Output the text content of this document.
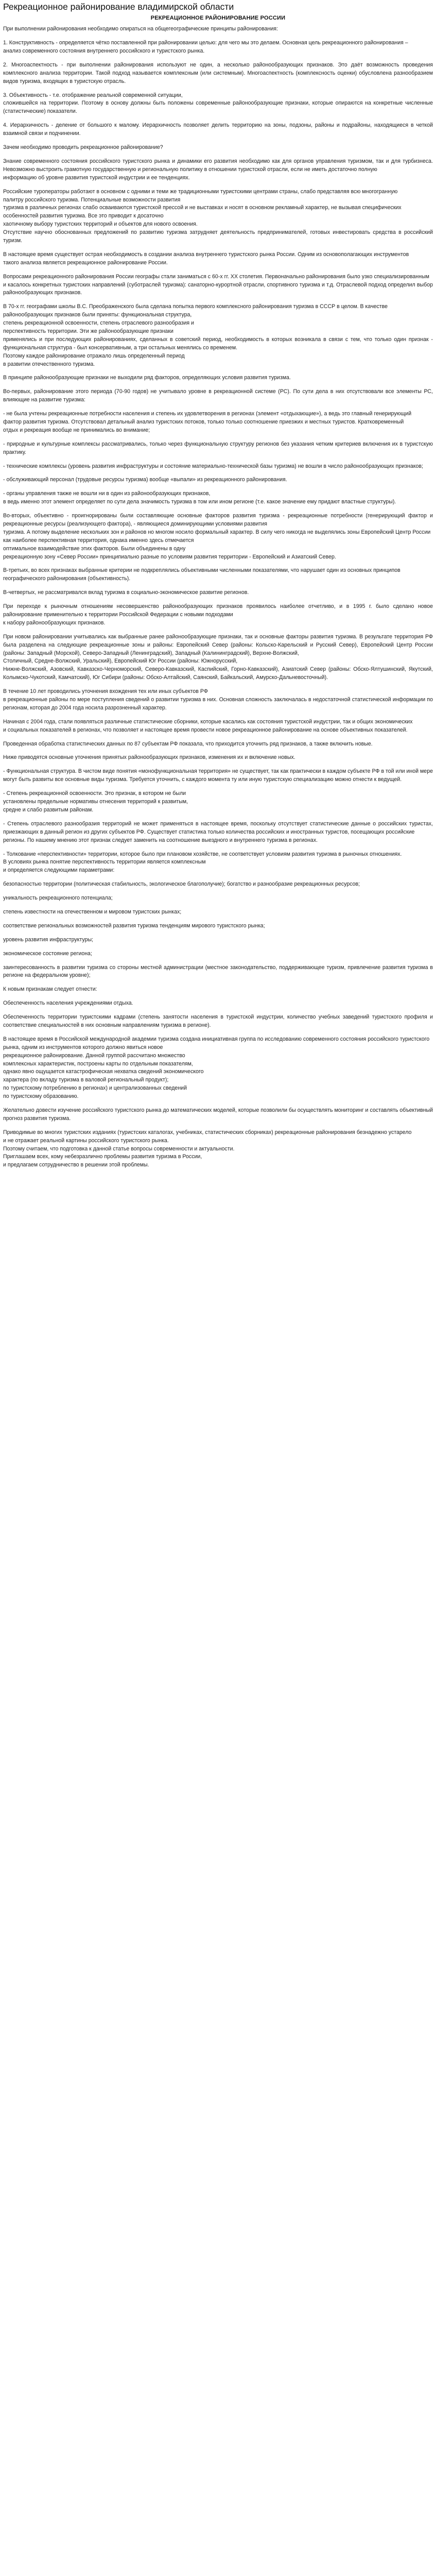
Рекреационное районирование владимирской области
РЕКРЕАЦИОННОЕ РАЙОНИРОВАНИЕ РОССИИ

При выполнении районирования необходимо опираться на общегеографические принципы районирования:

1. Конструктивность - определяется чётко поставленной при районировании целью: для чего мы это делаем. Основная цель рекреационного районирования –
анализ современного состояния внутреннего российского и туристского рынка.

2. Многоаспектность - при выполнении районирования используют не один, а несколько районообразующих признаков. Это даёт возможность проведения комплексного анализа территории. Такой подход называется комплексным (или системным). Многоаспектность (комплексность оценки) обусловлена разнообразием видов туризма, входящих в туристскую отрасль.

3. Объективность - т.е. отображение реальной современной ситуации,
сложившейся на территории. Поэтому в основу должны быть положены современные районообразующие признаки, которые опираются на конкретные численные (статистические) показатели.

4. Иерархичность - деление от большого к малому. Иерархичность позволяет делить территорию на зоны, подзоны, районы и подрайоны, находящиеся в четкой взаимной связи и подчинении.

Зачем необходимо проводить рекреационное районирование?

Знание современного состояния российского туристского рынка и динамики его развития необходимо как для органов управления туризмом, так и для турбизнеса. Невозможно выстроить грамотную государственную и региональную политику в отношении туристской отрасли, если не иметь достаточно полную
информацию об уровне развития туристской индустрии и ее тенденциях.

Российские туроператоры работают в основном с одними и теми же традиционными туристскими центрами страны, слабо представляя всю многогранную
палитру российского туризма. Потенциальные возможности развития
туризма в различных регионах слабо осваиваются туристской прессой и не выставках и носят в основном рекламный характер, не вызывая специфических
особенностей развития туризма. Все это приводит к досаточно
хаотичному выбору туристских территорий и объектов для нового освоения.
Отсутствие научно обоснованных предложений по развитию туризма затрудняет деятельность предпринимателей, готовых инвестировать средства в российский туризм.

В настоящее время существует острая необходимость в создании анализа внутреннего туристского рынка России. Одним из основополагающих инструментов
такого анализа является рекреационное районирование России.

Вопросами рекреационного районирования России географы стали заниматься с 60-х гг. XX столетия. Первоначально районирования было узко специализированным
и касалось конкретных туристских направлений (суботраслей туризма): санаторно-курортной отрасли, спортивного туризма и т.д. Отраслевой подход определил выбор районообразующих признаков.

В 70-х гг. географами школы В.С. Преображенского была сделана попытка первого комплексного районирования туризма в СССР в целом. В качестве
районообразующих признаков были приняты: функциональная структура,
степень рекреационной освоенности, степень отраслевого разнообразия и
перспективность территории. Эти же районообразующие признаки
применялись и при последующих районированиях, сделанных в советский период, необходимость в которых возникала в связи с тем, что только один признак - функциональная структура - был консервативным, а три остальных менялись со временем.
Поэтому каждое районирование отражало лишь определенный период
в развитии отечественного туризма.

В принципе районообразующие признаки не выходили ряд факторов, определяющих условия развития туризма.

Во-первых, районирование этого периода (70-90 годов) не учитывало уровне в рекреационной системе (РС). По сути дела в них отсутствовали все элементы РС, влияющие на развитие туризма:

- не была учтены рекреационные потребности населения и степень их удовлетворения в регионах (элемент «отдыхающие»), а ведь это главный генерирующий
фактор развития туризма. Отсутствовал детальный анализ туристских потоков, только только соотношение приезжих и местных туристов. Кратковременный
отдых и рекреация вообще не принимались во внимание;

- природные и культурные комплексы рассматривались, только через функциональную структуру регионов без указания четким критериев включения их в туристскую практику.

- технические комплексы (уровень развития инфраструктуры и состояние материально-технической базы туризма) не вошли в число районообразующих признаков;

- обслуживающий персонал (трудовые ресурсы туризма) вообще «выпали» из рекреационного районирования.

- органы управления также не вошли ни в один из районообразующих признаков,
в ведь именно этот элемент определяет по сути дела значимость туризма в том или ином регионе (т.е. какое значение ему придают властные структуры).

Во-вторых, объективно - проигнорированы были составляющие основные факторов развития туризма - рекреационные потребности (генерирующий фактор и рекреационные ресурсы (реализующего фактора), - являющиеся доминирующими условиями развития
туризма. А потому выделение нескольких зон и районов но многом носило формальный характер. В силу чего никогда не выделялись зоны Европейский Центр России
как наиболее перспективная территория, однака именно здесь отмечается
оптимальное взаимодействие этих факторов. Были объединены в одну
рекреационную зону «Север России» принципиально разные по условиям развития территории - Европейский и Азиатский Север.

В-третьих, во всех признаках выбранные критерии не подкреплялись объективными численными показателями, что нарушает один из основных принципов
географического районирования (объективность).

В-четвертых, не рассматривался вклад туризма в социально-экономическое развитие регионов.

При переходе к рыночным отношениям несовершенство районообразующих признаков проявилось наиболее отчетливо, и в 1995 г. было сделано новое районирование применительно к территории Российской Федерации с новыми подходами
к набору районообразующих признаков.

При новом районировании учитывались как выбранные ранее районообразующие признаки, так и основные факторы развития туризма. В результате территория РФ была разделена на следующие рекреационные зоны и районы: Европейский Север (районы: Кольско-Карельский и Русский Север), Европейский Центр России (районы: Западный (Морской), Северо-Западный (Ленинградский), Западный (Калининградский), Верхне-Волжский,
Столичный, Средне-Волжский, Уральский), Европейский Юг России (районы: Южнорусский,
Нижне-Волжский, Азовский, Кавказско-Черноморский, Северо-Кавказский, Каспийский, Горно-Кавказский), Азиатский Север (районы: Обско-Ялтушинский, Якутский, Колымско-Чукотский, Камчатский), Юг Сибири (районы: Обско-Алтайский, Саянский, Байкальский, Амурско-Дальневосточный).

В течение 10 лет проводились уточнения вхождения тех или иных субъектов РФ
в рекреационные районы по мере поступления сведений о развитии туризма в них. Основная сложность заключалась в недостаточной статистической информации по регионам, которая до 2004 года носила разрозненный характер.

Начиная с 2004 года, стали появляться различные статистические сборники, которые касались как состояния туристской индустрии, так и общих экономических
и социальных показателей в регионах, что позволяет и настоящее время провести новое рекреационное районирование на основе объективных показателей.

Проведенная обработка статистических данных по 87 субъектам РФ показала, что приходится уточнить ряд признаков, а также включить новые.

Ниже приводятся основные уточнения принятых районообразующих признаков, изменения их и включение новых.

- Функциональная структура. В чистом виде понятия «монофункциональная территория» не существует, так как практически в каждом субъекте РФ в той или иной мере могут быть развиты все основные виды туризма. Требуется уточнить, с каждого момента ту или иную туристскую специализацию можно отнести к ведущей.

- Степень рекреационной освоенности. Это признак, в котором не были
установлены предельные нормативы отнесения территорий к развитым,
средне и слабо развитым районам.

- Степень отраслевого разнообразия территорий не может применяться в настоящее время, поскольку отсутствует статистические данные о российских туристах, приезжающих в данный регион из других субъектов РФ. Существует статистика только количества российских и иностранных туристов, посещающих российские
регионы. По нашему мнению этот признак следует заменить на соотношение выездного и внутреннего туризма в регионах.

- Толкование «перспективности» территории, которое было при плановом хозяйстве, не соответствует условиям развития туризма в рыночных отношениях.
В условиях рынка понятие перспективность территории является комплексным
и определяется следующими параметрами:

безопасностью территории (политическая стабильность, экологическое благополучие); богатство и разнообразие рекреационных ресурсов;

уникальность рекреационного потенциала;

степень известности на отечественном и мировом туристских рынках;

соответствие региональных возможностей развития туризма тенденциям мирового туристского рынка;

уровень развития инфраструктуры;

экономическое состояние региона;

заинтересованность в развитии туризма со стороны местной администрации (местное законодательство, поддерживающее туризм, привлечение развития туризма в регионе на федеральном уровне);

К новым признакам следует отнести:

Обеспеченность населения учреждениями отдыха.

Обеспеченность территории туристскими кадрами (степень занятости населения в туристской индустрии, количество учебных заведений туристского профиля и соответствие специальностей в них основным направлениям туризма в регионе).

В настоящее время в Российской международной академии туризма создана инициативная группа по исследованию современного состояния российского туристского
рынка, одним из инструментов которого должно явиться новое
рекреационное районирование. Данной группой рассчитано множество
комплексных характеристик, построены карты по отдельным показателям,
однако явно ощущается катастрофическая нехватка сведений экономического
характера (по вкладу туризма в валовой региональный продукт);
по туристскому потреблению в регионах) и централизованных сведений
по туристскому образованию.

Желательно довести изучение российского туристского рынка до математических моделей, которые позволили бы осуществлять мониторинг и составлять объективный прогноз развития туризма.

Приводимые во многих туристских изданиях (туристских каталогах, учебниках, статистических сборниках) рекреационные районирования безнадежно устарело
и не отражает реальной картины российского туристского рынка.
Поэтому считаем, что подготовка к данной статье вопросы современности и актуальности.
Приглашаем всех, кому небезразлично проблемы развития туризма в России,
и предлагаем сотрудничество в решении этой проблемы.
